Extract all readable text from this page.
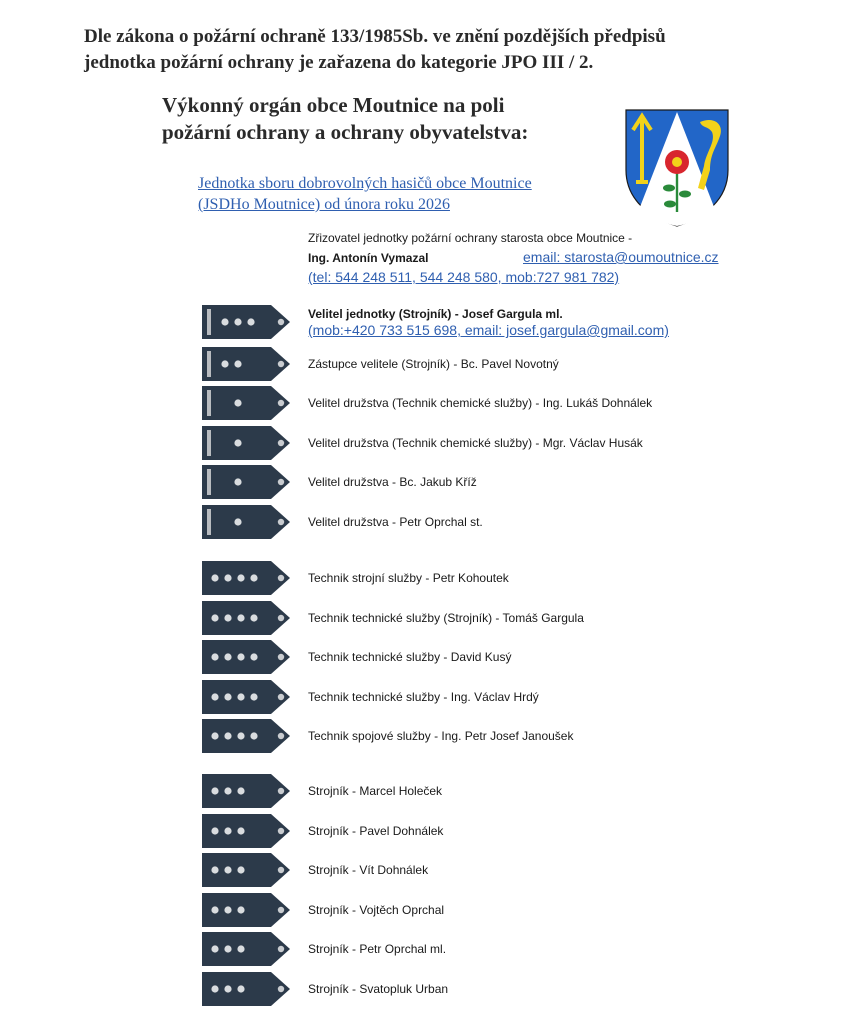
Dle zákona o požární ochraně 133/1985Sb. ve znění pozdějších předpisů
jednotka požární ochrany je zařazena do kategorie JPO III / 2.
Výkonný orgán obce Moutnice na poli
požární ochrany a ochrany obyvatelstva:
Jednotka sboru dobrovolných hasičů obce Moutnice
(JSDHo Moutnice) od února roku 2026
Zřizovatel jednotky požární ochrany starosta obce Moutnice -
Ing. Antonín Vymazal	email: starosta@oumoutnice.cz
(tel: 544 248 511, 544 248 580, mob:727 981 782)
Velitel jednotky (Strojník) - Josef Gargula ml.
Zástupce velitele (Strojník) - Bc. Pavel Novotný
Velitel družstva (Technik chemické služby) - Ing. Lukáš Dohnálek
Velitel družstva (Technik chemické služby) - Mgr. Václav Husák
Velitel družstva - Bc. Jakub Kříž
Velitel družstva - Petr Oprchal st.
Technik strojní služby - Petr Kohoutek
Technik technické služby (Strojník) - Tomáš Gargula
Technik technické služby - David Kusý
Technik technické služby - Ing. Václav Hrdý
Technik spojové služby - Ing. Petr Josef Janoušek
Strojník - Marcel Holeček
Strojník - Pavel Dohnálek
Strojník - Vít Dohnálek
Strojník - Vojtěch Oprchal
Strojník - Petr Oprchal ml.
Strojník - Svatopluk Urban
(mob:+420 733 515 698, email: josef.gargula@gmail.com)
